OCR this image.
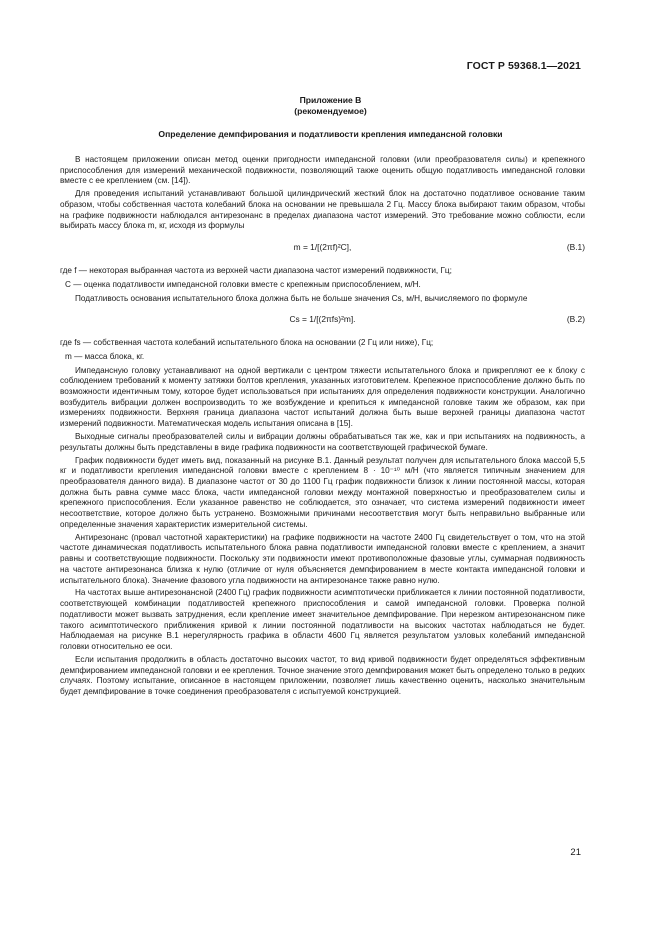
ГОСТ Р 59368.1—2021
Приложение В
(рекомендуемое)
Определение демпфирования и податливости крепления импедансной головки

В настоящем приложении описан метод оценки пригодности импедансной головки (или преобразователя силы) и крепежного приспособления для измерений механической подвижности, позволяющий также оценить общую податливость импедансной головки вместе с ее креплением (см. [14]).

Для проведения испытаний устанавливают большой цилиндрический жесткий блок на достаточно податливое основание таким образом, чтобы собственная частота колебаний блока на основании не превышала 2 Гц. Массу блока выбирают таким образом, чтобы на графике подвижности наблюдался антирезонанс в пределах диапазона частот измерений. Это требование можно соблюсти, если выбирать массу блока m, кг, исходя из формулы

m = 1/[(2πf)²C],	(В.1)
где f — некоторая выбранная частота из верхней части диапазона частот измерений подвижности, Гц;
C — оценка податливости импедансной головки вместе с крепежным приспособлением, м/Н.

Податливость основания испытательного блока должна быть не больше значения Cs, м/Н, вычисляемого по формуле

Cs = 1/[(2πfs)²m].	(В.2)
где fs — собственная частота колебаний испытательного блока на основании (2 Гц или ниже), Гц;
m — масса блока, кг.

Импедансную головку устанавливают на одной вертикали с центром тяжести испытательного блока и прикрепляют ее к блоку с соблюдением требований к моменту затяжки болтов крепления, указанных изготовителем. Крепежное приспособление должно быть по возможности идентичным тому, которое будет использоваться при испытаниях для определения подвижности конструкции. Аналогично возбудитель вибрации должен воспроизводить то же возбуждение и крепиться к импедансной головке таким же образом, как при измерениях подвижности. Верхняя граница диапазона частот испытаний должна быть выше верхней границы диапазона частот измерений подвижности. Математическая модель испытания описана в [15].

Выходные сигналы преобразователей силы и вибрации должны обрабатываться так же, как и при испытаниях на подвижность, а результаты должны быть представлены в виде графика подвижности на соответствующей графической бумаге.

График подвижности будет иметь вид, показанный на рисунке В.1. Данный результат получен для испытательного блока массой 5,5 кг и податливости крепления импедансной головки вместе с креплением 8 · 10⁻¹⁰ м/Н (что является типичным значением для преобразователя данного вида). В диапазоне частот от 30 до 1100 Гц график подвижности близок к линии постоянной массы, которая должна быть равна сумме масс блока, части импедансной головки между монтажной поверхностью и преобразователем силы и крепежного приспособления. Если указанное равенство не соблюдается, это означает, что система измерений подвижности имеет несоответствие, которое должно быть устранено. Возможными причинами несоответствия могут быть неправильно выбранные или определенные значения характеристик измерительной системы.

Антирезонанс (провал частотной характеристики) на графике подвижности на частоте 2400 Гц свидетельствует о том, что на этой частоте динамическая податливость испытательного блока равна податливости импедансной головки вместе с креплением, а значит равны и соответствующие подвижности. Поскольку эти подвижности имеют противоположные фазовые углы, суммарная подвижность на частоте антирезонанса близка к нулю (отличие от нуля объясняется демпфированием в месте контакта импедансной головки и испытательного блока). Значение фазового угла подвижности на антирезонансе также равно нулю.

На частотах выше антирезонансной (2400 Гц) график подвижности асимптотически приближается к линии постоянной податливости, соответствующей комбинации податливостей крепежного приспособления и самой импедансной головки. Проверка полной податливости может вызвать затруднения, если крепление имеет значительное демпфирование. При нерезком антирезонансном пике такого асимптотического приближения кривой к линии постоянной податливости на высоких частотах наблюдаться не будет. Наблюдаемая на рисунке В.1 нерегулярность графика в области 4600 Гц является результатом узловых колебаний импедансной головки относительно ее оси.

Если испытания продолжить в область достаточно высоких частот, то вид кривой подвижности будет определяться эффективным демпфированием импедансной головки и ее крепления. Точное значение этого демпфирования может быть определено только в редких случаях. Поэтому испытание, описанное в настоящем приложении, позволяет лишь качественно оценить, насколько значительным будет демпфирование в точке соединения преобразователя с испытуемой конструкцией.

21
